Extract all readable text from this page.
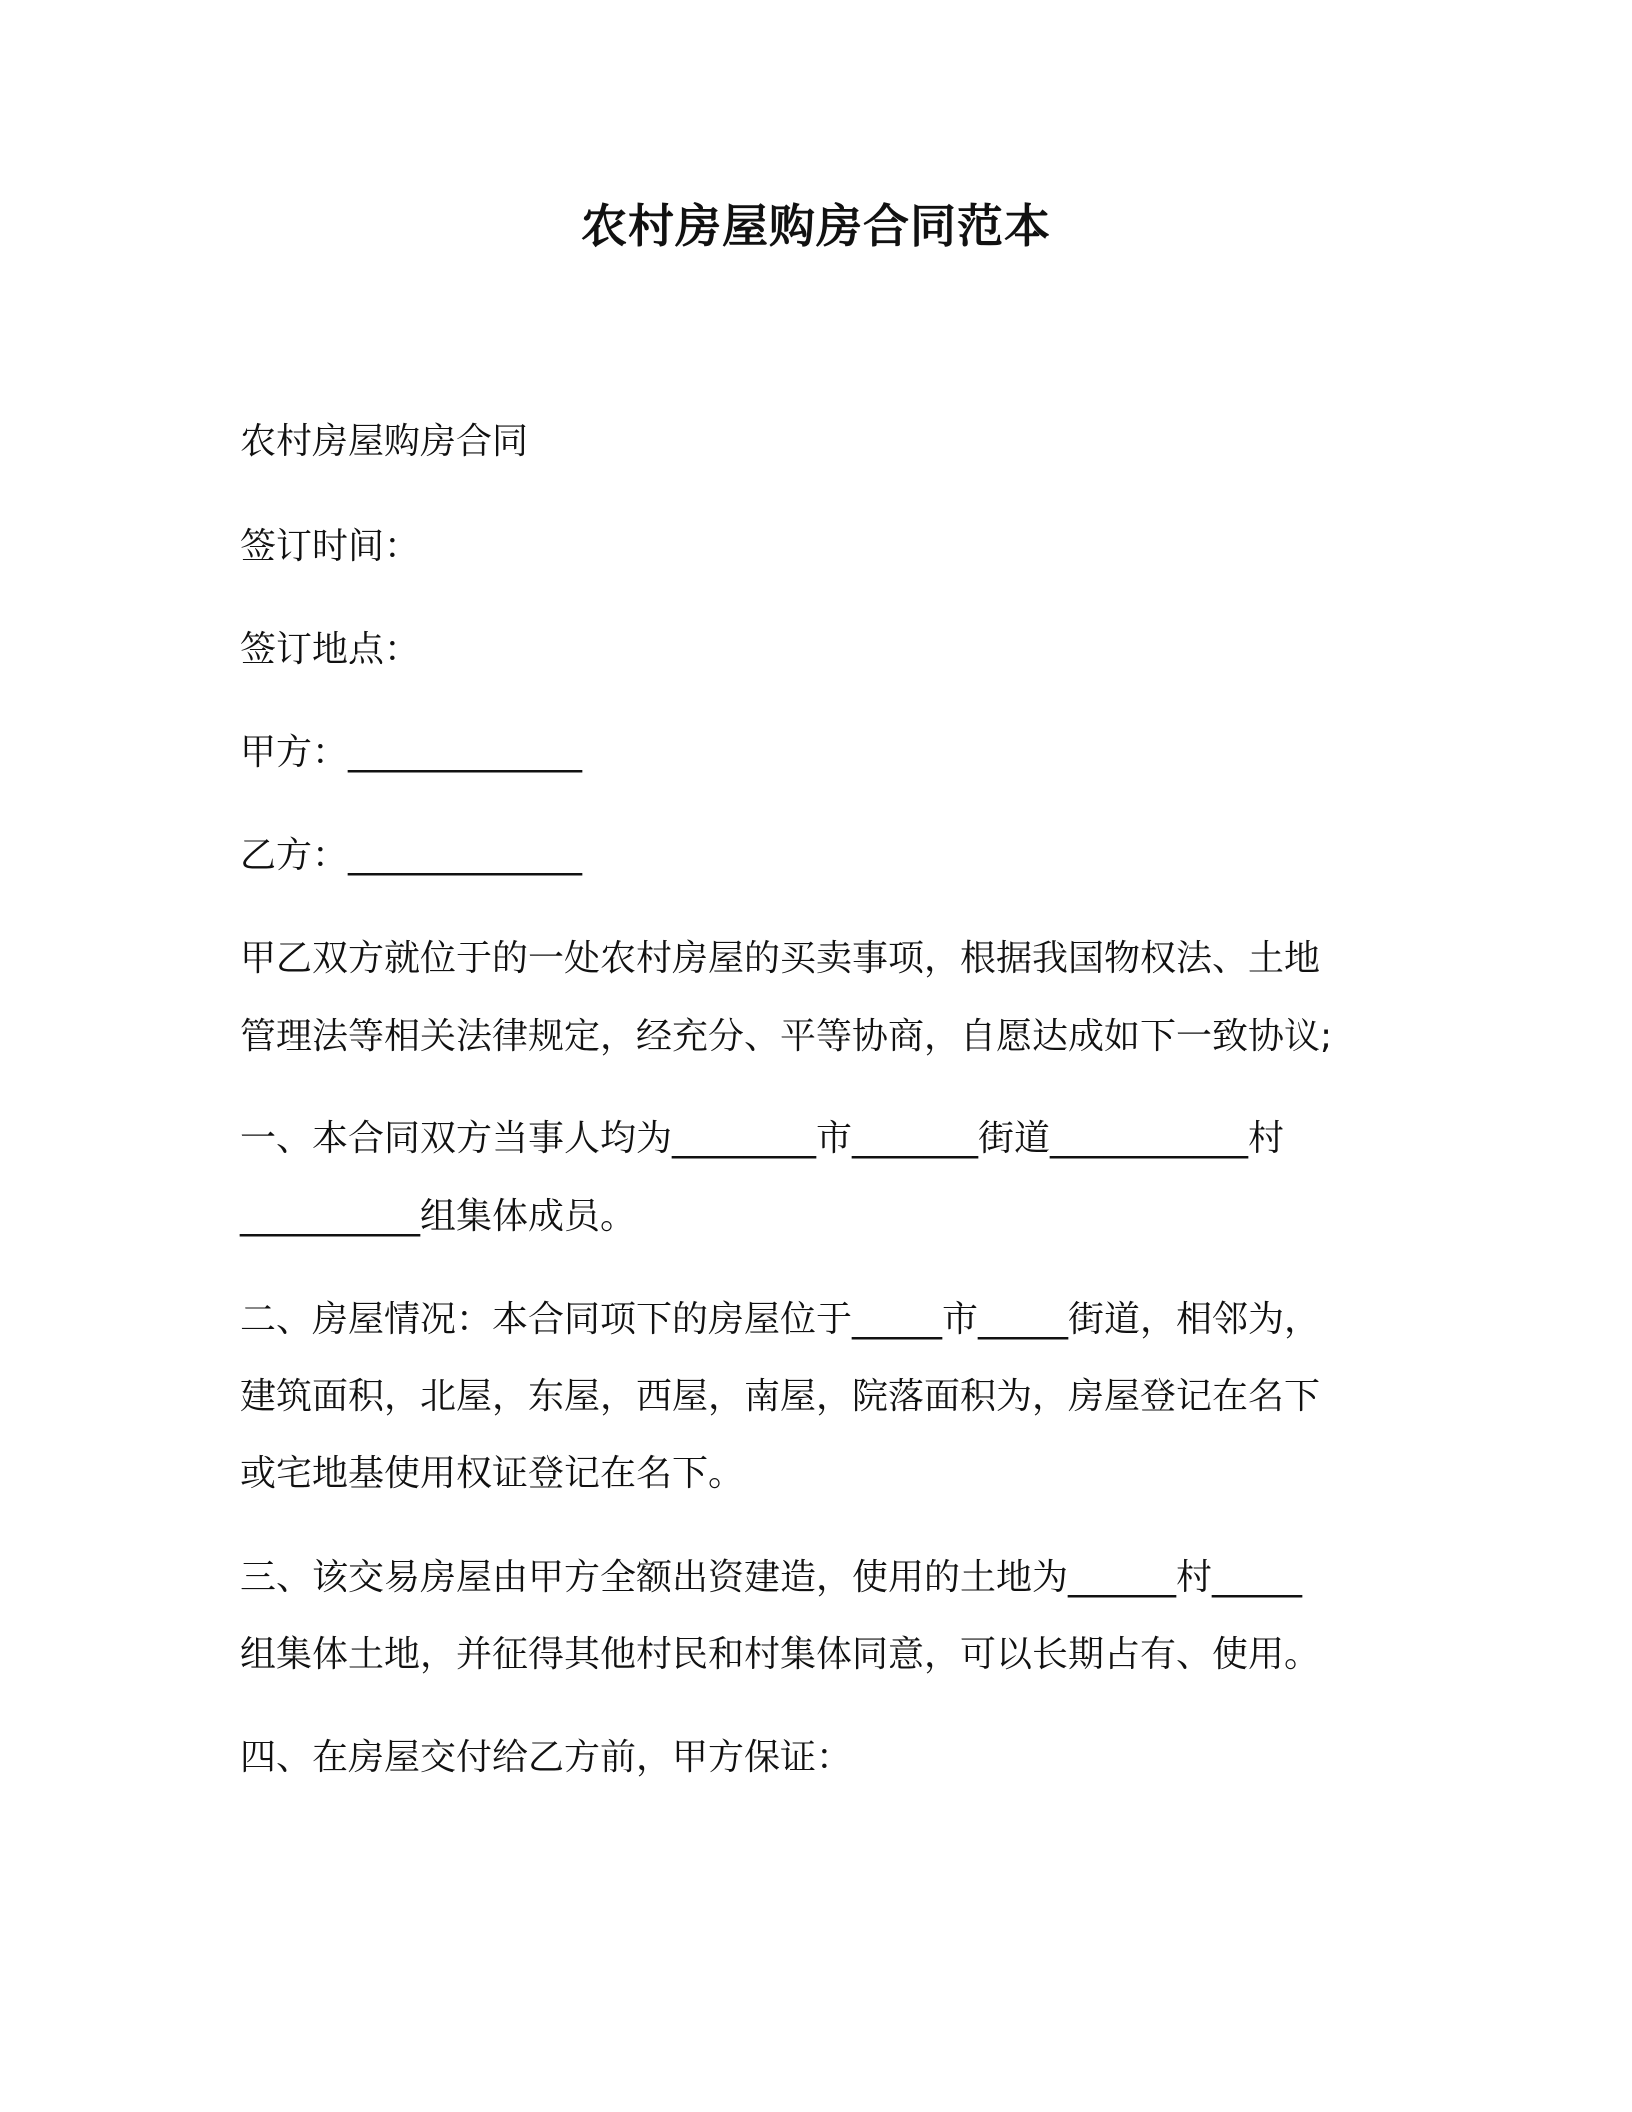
农村房屋购房合同范本
农村房屋购房合同
签订时间：
签订地点：
甲方：_____________
乙方：_____________
甲乙双方就位于的一处农村房屋的买卖事项，根据我国物权法、土地
管理法等相关法律规定，经充分、平等协商，自愿达成如下一致协议;
一、本合同双方当事人均为________市_______街道___________村
__________组集体成员。
二、房屋情况：本合同项下的房屋位于_____市_____街道，相邻为，
建筑面积，北屋，东屋，西屋，南屋，院落面积为，房屋登记在名下
或宅地基使用权证登记在名下。
三、该交易房屋由甲方全额出资建造，使用的土地为______村_____
组集体土地，并征得其他村民和村集体同意，可以长期占有、使用。
四、在房屋交付给乙方前，甲方保证：
